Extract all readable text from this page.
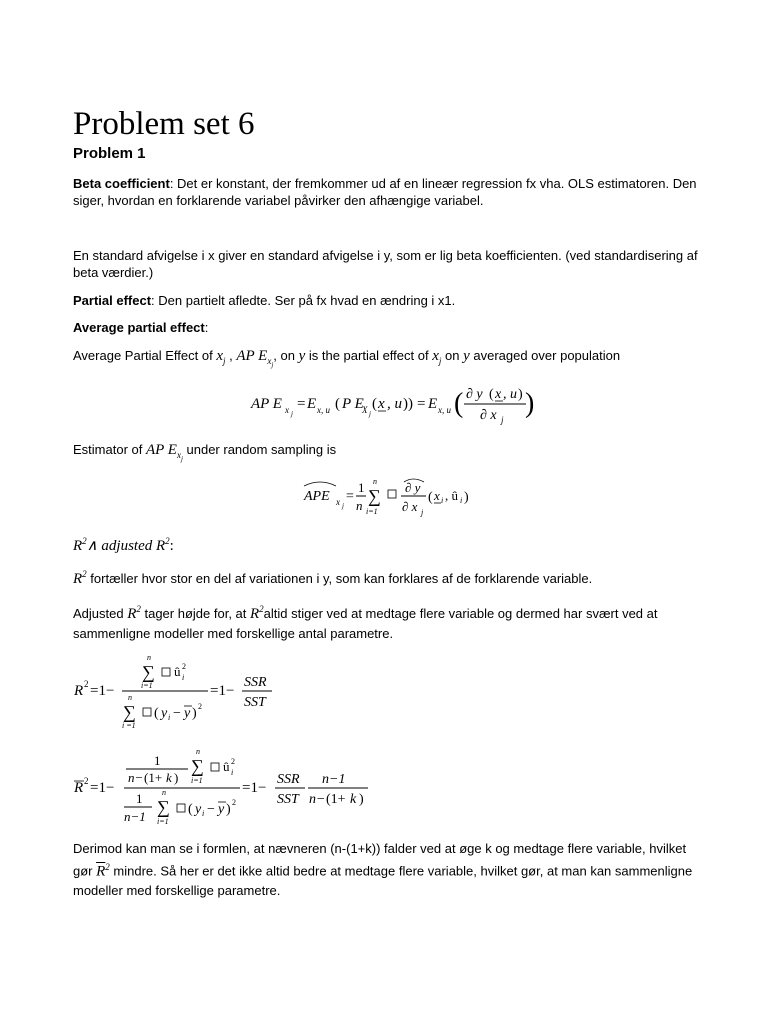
Problem set 6
Problem 1
Beta coefficient: Det er konstant, der fremkommer ud af en lineær regression fx vha. OLS estimatoren. Den siger, hvordan en forklarende variabel påvirker den afhængige variabel.
En standard afvigelse i x giver en standard afvigelse i y, som er lig beta koefficienten. (ved standardisering af beta værdier.)
Partial effect: Den partielt afledte. Ser på fx hvad en ændring i x1.
Average partial effect:
Average Partial Effect of $x_j$ , AP $E_{x_j}$, on y is the partial effect of $x_j$ on y averaged over population
AP E x j
= E x, u ( P E
X j
( x , u )) = E x, u ( ∂ y ( x , u )
∂ x j
)
Estimator of AP $E_{x_j}$ under random sampling is
APE x j
=
1
n
n
∑
i=1
∂ y
∂ x j
( x i , û i )
$R^2\wedge$ adjusted $R^2$:
$R^2$ fortæller hvor stor en del af variationen i y, som kan forklares af de forklarende variable.
Adjusted $R^2$ tager højde for, at $R^2altid$ stiger ved at medtage flere variable og dermed har svært ved at sammenligne modeller med forskellige antal parametre.
R 2 =1−
n
∑
i=1
û 2
i
n
∑
i =1
( y i − y ) 2
=1−
SSR
SST
R 2 =1−
1
n− (1+ k )
n
∑
i=1
û 2
i
1
n−1
n
∑
i=1
( y i − y ) 2
=1−
SSR
SST
n−1
n− (1+ k )
Derimod kan man se i formlen, at nævneren (n-(1+k)) falder ved at øge k og medtage flere variable, hvilket gør $\overline{R}^2$ mindre. Så her er det ikke altid bedre at medtage flere variable, hvilket gør, at man kan sammenligne modeller med forskellige parametre.
